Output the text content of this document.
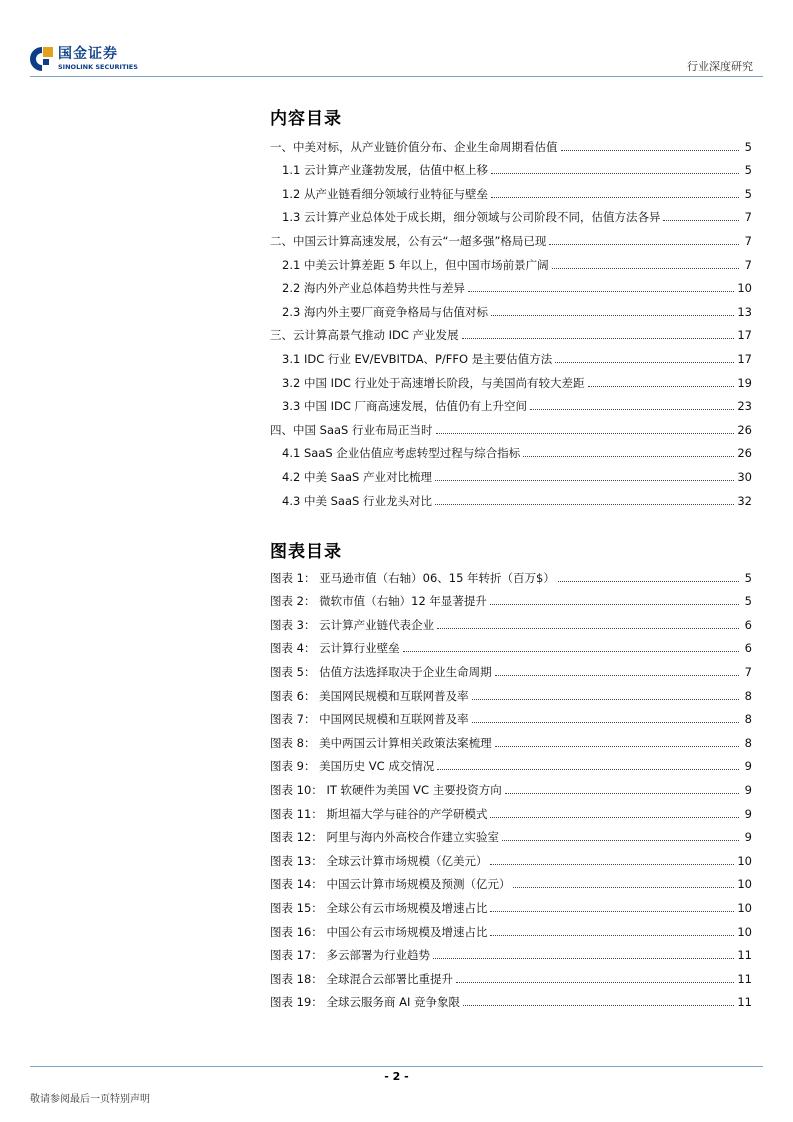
国金证券
SINOLINK SECURITIES	行业深度研究
内容目录
一、中美对标，从产业链价值分布、企业生命周期看估值	5
1.1 云计算产业蓬勃发展，估值中枢上移	5
1.2 从产业链看细分领域行业特征与壁垒	5
1.3 云计算产业总体处于成长期，细分领域与公司阶段不同，估值方法各异	7
二、中国云计算高速发展，公有云“一超多强”格局已现	7
2.1 中美云计算差距 5 年以上，但中国市场前景广阔	7
2.2 海内外产业总体趋势共性与差异	10
2.3 海内外主要厂商竞争格局与估值对标	13
三、云计算高景气推动 IDC 产业发展	17
3.1 IDC 行业 EV/EVBITDA、P/FFO 是主要估值方法	17
3.2 中国 IDC 行业处于高速增长阶段，与美国尚有较大差距	19
3.3 中国 IDC 厂商高速发展，估值仍有上升空间	23
四、中国 SaaS 行业布局正当时	26
4.1 SaaS 企业估值应考虑转型过程与综合指标	26
4.2 中美 SaaS 产业对比梳理	30
4.3 中美 SaaS 行业龙头对比	32
图表目录
图表 1： 亚马逊市值（右轴）06、15 年转折（百万$）	5
图表 2： 微软市值（右轴）12 年显著提升	5
图表 3： 云计算产业链代表企业	6
图表 4： 云计算行业壁垒	6
图表 5： 估值方法选择取决于企业生命周期	7
图表 6： 美国网民规模和互联网普及率	8
图表 7： 中国网民规模和互联网普及率	8
图表 8： 美中两国云计算相关政策法案梳理	8
图表 9： 美国历史 VC 成交情况	9
图表 10： IT 软硬件为美国 VC 主要投资方向	9
图表 11： 斯坦福大学与硅谷的产学研模式	9
图表 12： 阿里与海内外高校合作建立实验室	9
图表 13： 全球云计算市场规模（亿美元）	10
图表 14： 中国云计算市场规模及预测（亿元）	10
图表 15： 全球公有云市场规模及增速占比	10
图表 16： 中国公有云市场规模及增速占比	10
图表 17： 多云部署为行业趋势	11
图表 18： 全球混合云部署比重提升	11
图表 19： 全球云服务商 AI 竞争象限	11
- 2 -
敬请参阅最后一页特别声明
